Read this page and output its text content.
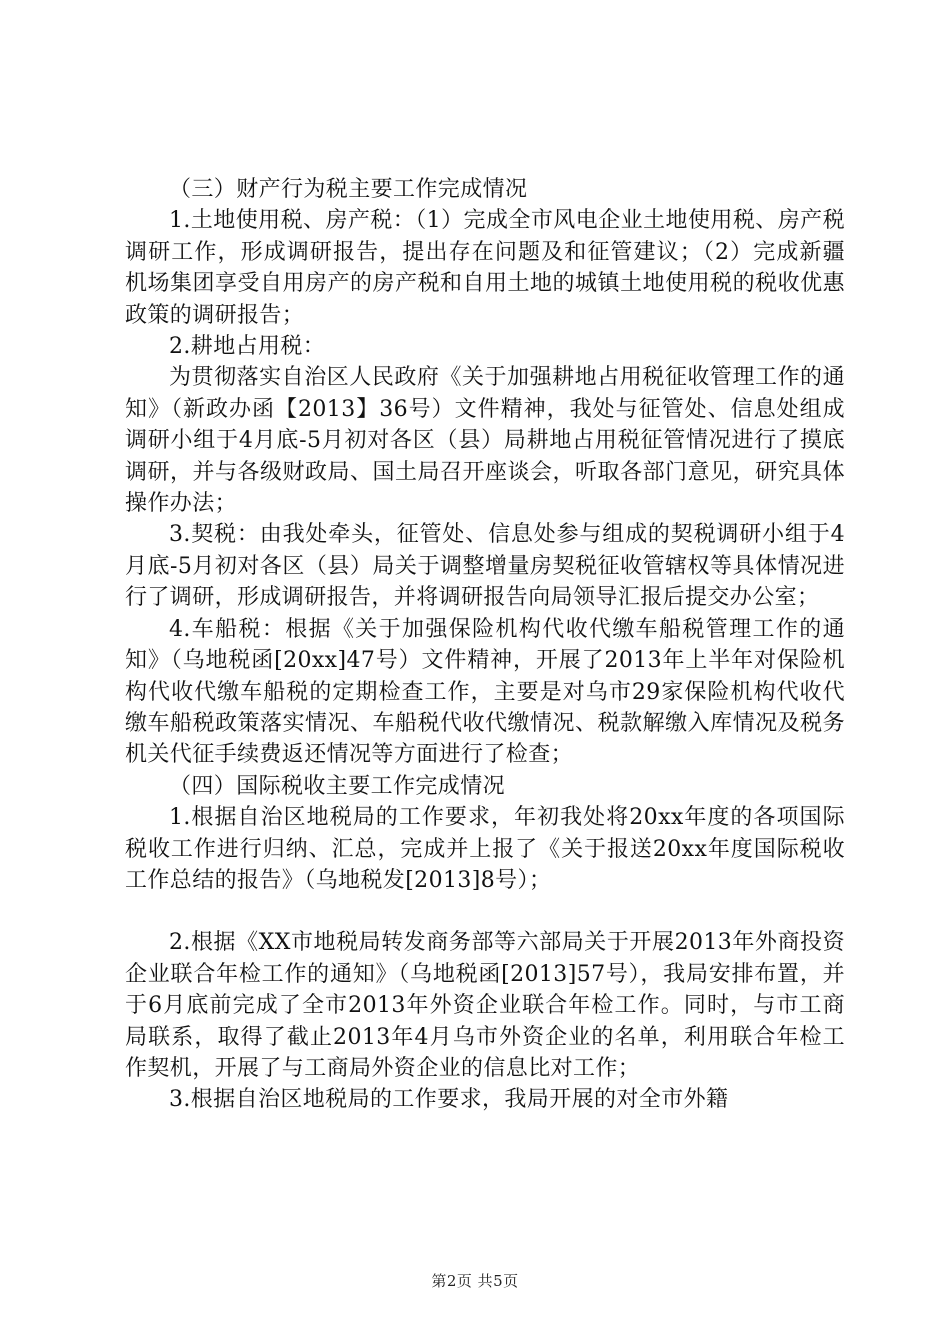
（三）财产行为税主要工作完成情况

1.土地使用税、房产税：（1）完成全市风电企业土地使用税、房产税调研工作，形成调研报告，提出存在问题及和征管建议；（2）完成新疆机场集团享受自用房产的房产税和自用土地的城镇土地使用税的税收优惠政策的调研报告；

2.耕地占用税：

为贯彻落实自治区人民政府《关于加强耕地占用税征收管理工作的通知》（新政办函【2013】36号）文件精神，我处与征管处、信息处组成调研小组于4月底-5月初对各区（县）局耕地占用税征管情况进行了摸底调研，并与各级财政局、国土局召开座谈会，听取各部门意见，研究具体操作办法；

3.契税：由我处牵头，征管处、信息处参与组成的契税调研小组于4月底-5月初对各区（县）局关于调整增量房契税征收管辖权等具体情况进行了调研，形成调研报告，并将调研报告向局领导汇报后提交办公室；

4.车船税：根据《关于加强保险机构代收代缴车船税管理工作的通知》（乌地税函[20xx]47号）文件精神，开展了2013年上半年对保险机构代收代缴车船税的定期检查工作，主要是对乌市29家保险机构代收代缴车船税政策落实情况、车船税代收代缴情况、税款解缴入库情况及税务机关代征手续费返还情况等方面进行了检查；

（四）国际税收主要工作完成情况

1.根据自治区地税局的工作要求，年初我处将20xx年度的各项国际税收工作进行归纳、汇总，完成并上报了《关于报送20xx年度国际税收工作总结的报告》（乌地税发[2013]8号）；

2.根据《XX市地税局转发商务部等六部局关于开展2013年外商投资企业联合年检工作的通知》（乌地税函[2013]57号），我局安排布置，并于6月底前完成了全市2013年外资企业联合年检工作。同时，与市工商局联系，取得了截止2013年4月乌市外资企业的名单，利用联合年检工作契机，开展了与工商局外资企业的信息比对工作；

3.根据自治区地税局的工作要求，我局开展的对全市外籍

第2页 共5页
